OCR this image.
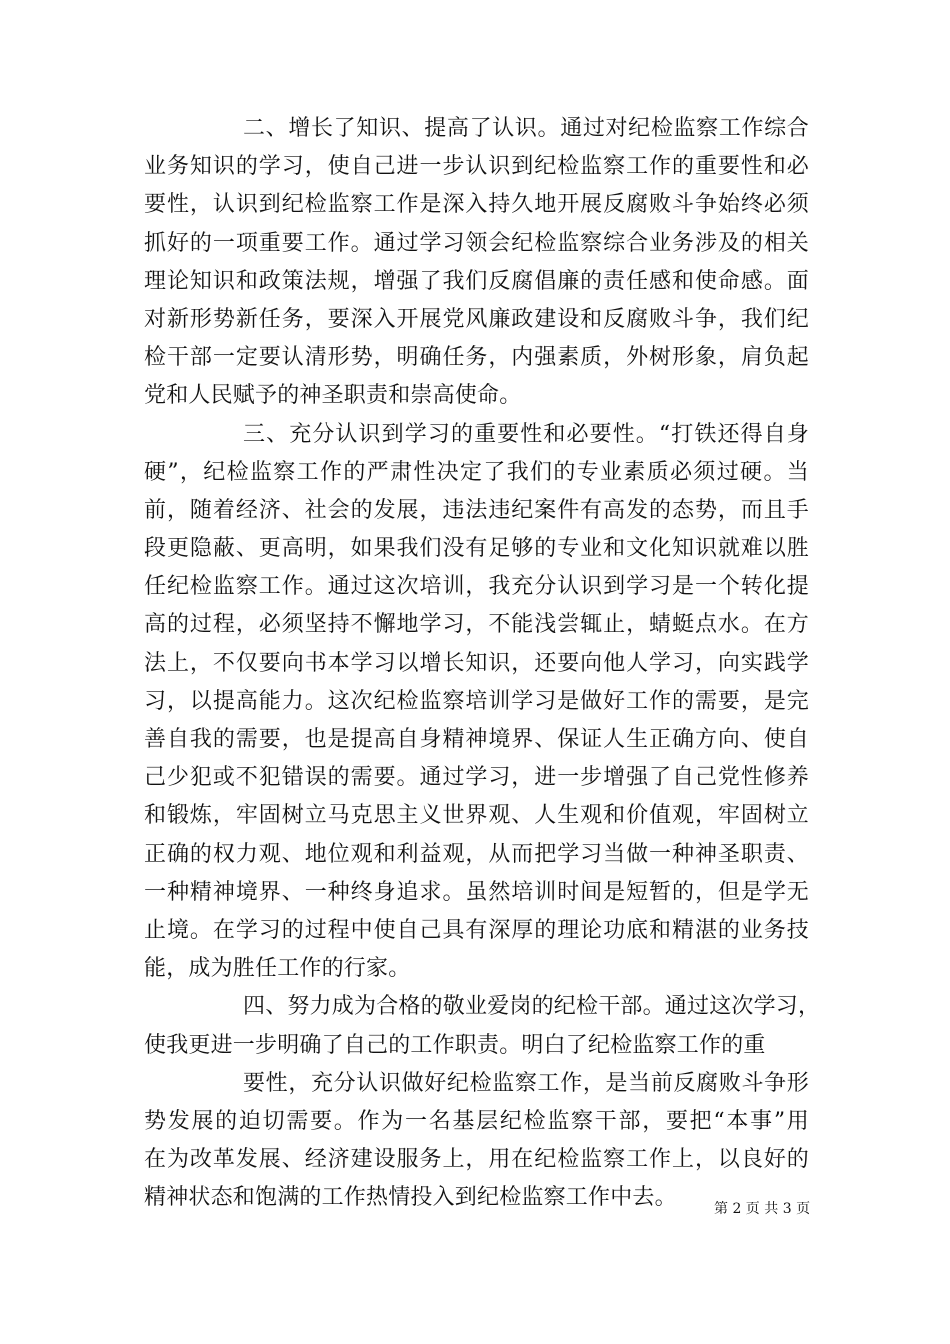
二、增长了知识、提高了认识。通过对纪检监察工作综合
业务知识的学习，使自己进一步认识到纪检监察工作的重要性和必
要性，认识到纪检监察工作是深入持久地开展反腐败斗争始终必须
抓好的一项重要工作。通过学习领会纪检监察综合业务涉及的相关
理论知识和政策法规，增强了我们反腐倡廉的责任感和使命感。面
对新形势新任务，要深入开展党风廉政建设和反腐败斗争，我们纪
检干部一定要认清形势，明确任务，内强素质，外树形象，肩负起
党和人民赋予的神圣职责和崇高使命。
三、充分认识到学习的重要性和必要性。“打铁还得自身
硬”，纪检监察工作的严肃性决定了我们的专业素质必须过硬。当
前，随着经济、社会的发展，违法违纪案件有高发的态势，而且手
段更隐蔽、更高明，如果我们没有足够的专业和文化知识就难以胜
任纪检监察工作。通过这次培训，我充分认识到学习是一个转化提
高的过程，必须坚持不懈地学习，不能浅尝辄止，蜻蜓点水。在方
法上，不仅要向书本学习以增长知识，还要向他人学习，向实践学
习，以提高能力。这次纪检监察培训学习是做好工作的需要，是完
善自我的需要，也是提高自身精神境界、保证人生正确方向、使自
己少犯或不犯错误的需要。通过学习，进一步增强了自己党性修养
和锻炼，牢固树立马克思主义世界观、人生观和价值观，牢固树立
正确的权力观、地位观和利益观，从而把学习当做一种神圣职责、
一种精神境界、一种终身追求。虽然培训时间是短暂的，但是学无
止境。在学习的过程中使自己具有深厚的理论功底和精湛的业务技
能，成为胜任工作的行家。
四、努力成为合格的敬业爱岗的纪检干部。通过这次学习，
使我更进一步明确了自己的工作职责。明白了纪检监察工作的重
要性，充分认识做好纪检监察工作，是当前反腐败斗争形
势发展的迫切需要。作为一名基层纪检监察干部，要把“本事”用
在为改革发展、经济建设服务上，用在纪检监察工作上，以良好的
精神状态和饱满的工作热情投入到纪检监察工作中去。	第 2 页 共 3 页
